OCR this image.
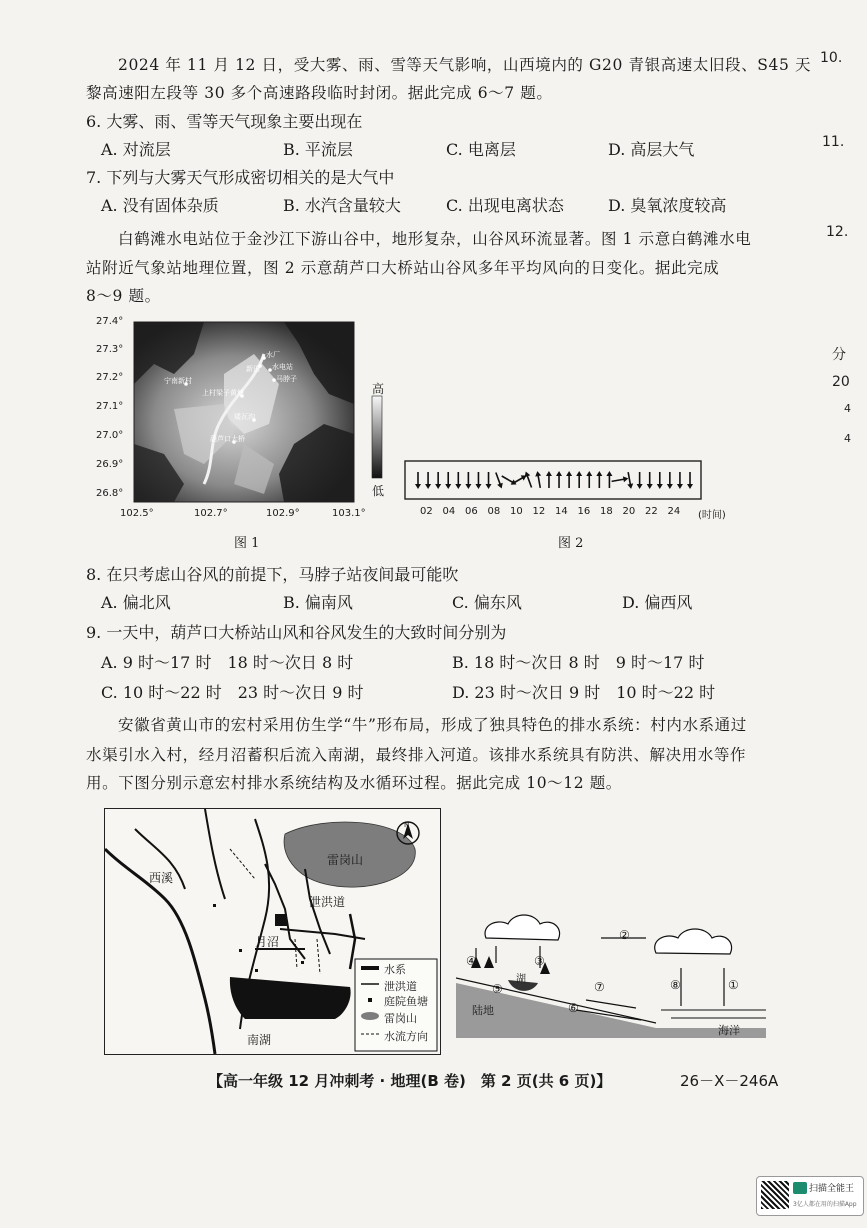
2024 年 11 月 12 日，受大雾、雨、雪等天气影响，山西境内的 G20 青银高速太旧段、S45 天
黎高速阳左段等 30 多个高速路段临时封闭。据此完成 6～7 题。
6. 大雾、雨、雪等天气现象主要出现在
A. 对流层	B. 平流层	C. 电离层	D. 高层大气
7. 下列与大雾天气形成密切相关的是大气中
A. 没有固体杂质	B. 水汽含量较大	C. 出现电离状态	D. 臭氧浓度较高
白鹤滩水电站位于金沙江下游山谷中，地形复杂，山谷风环流显著。图 1 示意白鹤滩水电
站附近气象站地理位置，图 2 示意葫芦口大桥站山谷风多年平均风向的日变化。据此完成
8～9 题。
27.4°
27.3°
27.2°
27.1°
27.0°
26.9°
26.8°
102.5°	102.7°	102.9°	103.1°
高
低
水厂
新田 水电站
马脖子
宁南新村
上村梁子黄塘
矮瓦沟
葫芦口大桥
图 1
02 04 06 08 10 12 14 16 18 20 22 24 (时间)
图 2
8. 在只考虑山谷风的前提下，马脖子站夜间最可能吹
A. 偏北风	B. 偏南风	C. 偏东风	D. 偏西风
9. 一天中，葫芦口大桥站山风和谷风发生的大致时间分别为
A. 9 时～17 时　18 时～次日 8 时	B. 18 时～次日 8 时　9 时～17 时
C. 10 时～22 时　23 时～次日 9 时	D. 23 时～次日 9 时　10 时～22 时
安徽省黄山市的宏村采用仿生学“牛”形布局，形成了独具特色的排水系统：村内水系通过
水渠引水入村，经月沼蓄积后流入南湖，最终排入河道。该排水系统具有防洪、解决用水等作
用。下图分别示意宏村排水系统结构及水循环过程。据此完成 10～12 题。
西溪
雷岗山
泄洪道
月沼
南湖
N
水系
泄洪道
庭院鱼塘
雷岗山
水流方向
②
③
④
⑤
⑥
⑦	⑧	①
湖
陆地
海洋
【高一年级 12 月冲刺考 · 地理(B 卷)　第 2 页(共 6 页)】	26－X－246A
10.
11.
12.
分
20
4
4
扫描全能王
3亿人都在用的扫描App
